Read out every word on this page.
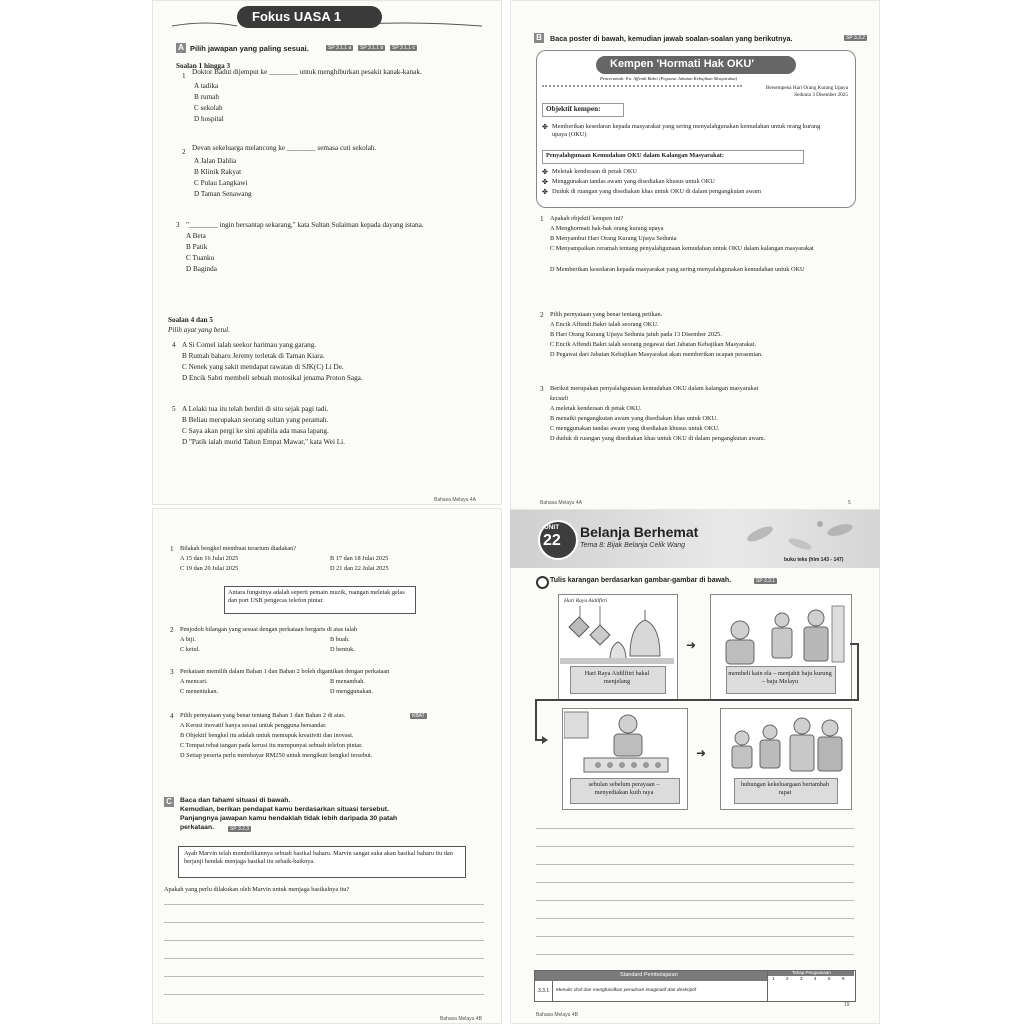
Fokus UASA 1
A Pilih jawapan yang paling sesuai.	SP 3.1.1 a	SP 3.1.1 b	SP 3.1.1 c
Soalan 1 hingga 3
1 Doktor Badut dijemput ke ________ untuk menghiburkan pesakit kanak-kanak.
A tadika
B rumah
C sekolah
D hospital
2 Devan sekeluarga melancong ke ________ semasa cuti sekolah.
A Jalan Dahlia
B Klinik Rakyat
C Pulau Langkawi
D Taman Senawang
3 "________ ingin bersantap sekarang," kata Sultan Sulaiman kepada dayang istana.
A Beta
B Patik
C Tuanku
D Baginda
Soalan 4 dan 5
Pilih ayat yang betul.
4 A Si Comel ialah seekor harimau yang garang.
B Rumah baharu Jeremy terletak di Taman Kiara.
C Nenek yang sakit mendapat rawatan di SJK(C) Li De.
D Encik Sabri membeli sebuah motosikal jenama Proton Saga.
5 A Lelaki tua itu telah berdiri di situ sejak pagi tadi.
B Beliau merupakan seorang sultan yang peramah.
C Saya akan pergi ke sini apabila ada masa lapang.
D "Patik ialah murid Tahun Empat Mawar," kata Wei Li.
Bahasa Melayu 4A
B Baca poster di bawah, kemudian jawab soalan-soalan yang berikutnya.	SP 3.3.2
Kempen 'Hormati Hak OKU'
Penceramah: En. Affendi Bakri (Pegawai Jabatan Kebajikan Masyarakat)
Bersempena Hari Orang Kurang Upaya Sedunia 3 Disember 2025
Objektif kempen:
✤ Memberikan kesedaran kepada masyarakat yang sering menyalahgunakan kemudahan untuk orang kurang upaya (OKU)
Penyalahgunaan Kemudahan OKU dalam Kalangan Masyarakat:
✤ Meletak kenderaan di petak OKU
✤ Menggunakan tandas awam yang disediakan khusus untuk OKU
✤ Duduk di ruangan yang disediakan khas untuk OKU di dalam pengangkutan awam
1 Apakah objektif kempen ini?
A Menghormati hak-hak orang kurang upaya
B Menyambut Hari Orang Kurang Upaya Sedunia
C Menyampaikan ceramah tentang penyalahgunaan kemudahan untuk OKU dalam kalangan masyarakat
D Memberikan kesedaran kepada masyarakat yang sering menyalahgunakan kemudahan untuk OKU
2 Pilih pernyataan yang benar tentang petikan.
A Encik Affendi Bakri ialah seorang OKU.
B Hari Orang Kurang Upaya Sedunia jatuh pada 13 Disember 2025.
C Encik Affendi Bakri ialah seorang pegawai dari Jabatan Kebajikan Masyarakat.
D Pegawai dari Jabatan Kebajikan Masyarakat akan memberikan ucapan perasmian.
3 Berikut merupakan penyalahgunaan kemudahan OKU dalam kalangan masyarakat
kecuali
A meletak kenderaan di petak OKU.
B menaiki pengangkutan awam yang disediakan khas untuk OKU.
C menggunakan tandas awam yang disediakan khusus untuk OKU.
D duduk di ruangan yang disediakan khas untuk OKU di dalam pengangkutan awam.
Bahasa Melayu 4A	5
1 Bilakah bengkel membuat terarium diadakan?
A 15 dan 16 Julai 2025	B 17 dan 18 Julai 2025
C 19 dan 20 Julai 2025	D 21 dan 22 Julai 2025
Antara fungsinya adalah seperti pemain muzik, ruangan meletak gelas dan port USB pengecas telefon pintar.
2 Penjodoh bilangan yang sesuai dengan perkataan bergaris di atas ialah
A biji.	B buah.
C ketul.	D bentuk.
3 Perkataan memilih dalam Bahan 1 dan Bahan 2 boleh digantikan dengan perkataan
A mencari.	B menambah.
C menentukan.	D menggunakan.
4 Pilih pernyataan yang benar tentang Bahan 1 dan Bahan 2 di atas.	KBAT
A Kerusi inovatif hanya sesuai untuk pengguna bersandar.
B Objektif bengkel itu adalah untuk memupuk kreativiti dan inovasi.
C Tempat rehat tangan pada kerusi itu mempunyai sebuah telefon pintar.
D Setiap peserta perlu membayar RM250 untuk mengikuti bengkel tersebut.
C	Baca dan fahami situasi di bawah.
Kemudian, berikan pendapat kamu berdasarkan situasi tersebut.
Panjangnya jawapan kamu hendaklah tidak lebih daripada 30 patah
perkataan.	SP 3.2.3
Ayah Marvin telah membelikannya sebuah basikal baharu. Marvin sangat suka akan basikal baharu itu dan berjanji hendak menjaga basikal itu sebaik-baiknya.
Apakah yang perlu dilakukan oleh Marvin untuk menjaga basikalnya itu?
Bahasa Melayu 4B
UNIT
22 Belanja Berhemat
Tema 8: Bijak Belanja Celik Wang
buku teks (hlm 143 - 147)
Tulis karangan berdasarkan gambar-gambar di bawah.	SP 3.3.1
Hari Raya Aidilfitri
Hari Raya Aidilfitri bakal menjelang
➜
membeli kain ela – menjahit baju kurung – baju Melayu
sebulan sebelum perayaan – menyediakan kuih raya
➜
hubungan kekeluargaan bertambah rapat
Standard Pembelajaran	Tahap Penguasaan
1	2	3	4	5	6
3.3.1 Menulis draf dan menghasilkan penulisan imaginatif dan deskriptif
Bahasa Melayu 4B
19
